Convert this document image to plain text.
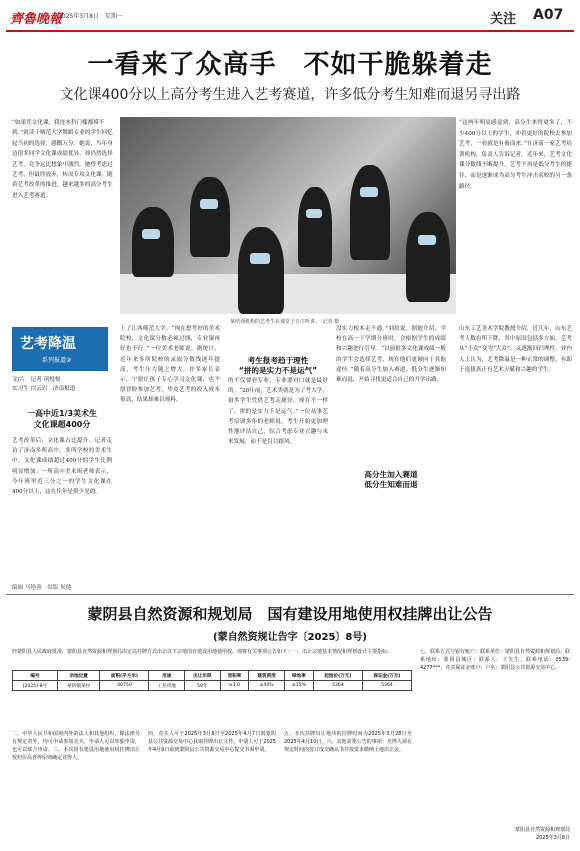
齊魯晚報
2025年3月8日　星期一	关注 A07
一看来了众高手　不如干脆躲着走
文化课400分以上高分考生进入艺考赛道，许多低分考生知难而退另寻出路
“如果凭文化课，我连本科门槛都摸不到。”就读于师范大学舞蹈专业的学生回忆起当初的选择，感慨万分。她说，当年身边很多同学文化课成绩优异，却仍然选择艺考，竞争远比想象中激烈。她曾考虑过艺考，但最终放弃，转而专攻文化课。随着艺考改革的推进，越来越多的高分考生进入艺考赛道。
某培训机构的艺考生在课堂上专注听讲。　记者 摄
“这两年明显感觉到，高分生来得更多了，不少400分以上的学生，冲着更好的院校去参加艺考，一看就是有备而来。”在济南一家艺考培训机构，负责人告诉记者。近年来，艺考文化课分数线不断提升，艺考不再是低分考生的捷径，而是逐渐成为高分考生冲击名校的另一条路径。
艺考降温
系列报道②
文/片　记者 巩悦悦
实习生 白云岩　济南报道
一高中近1/3美术生
文化课超400分
艺考改革后，文化课占比提升。记者走访了济南多所高中，多所学校的美术生中，文化课成绩超过400分的学生比例明显增加。一所高中美术班老师表示，今年班里近三分之一的学生文化课在400分以上，这在往年是很少见的。
上了江西师范大学。“现在想考好的美术院校，文化课分数必须过线，专业课再好也不行。”一位美术老师说。据统计，近年来多所院校的录取分数线逐年提高，考生压力随之增大。许多家长表示，宁愿让孩子专心学习文化课，也不愿冒险参加艺考，毕竟艺考的投入成本很高，结果却难以预料。
的不仅要看专业，专业要对口就是最好的。“20年前，艺术类就是为了考大学，很多学生凭借艺考走捷径。现在不一样了，拼的是实力不是运气。”一位从事艺考培训多年的老师说。考生开始更加理性地评估自己，综合考虑专业兴趣与未来发展，而不是盲目跟风。
考生报考趋于理性
“拼的是实力不是运气”
没实力根本走不通。”刘晨说。据她介绍，学校在高一下学期分班时，会根据学生的成绩和兴趣进行引导。“以前很多文化课成绩一般的学生会选择艺考，现在他们更倾向于其他途径。”随着高分生加入赛道，低分生逐渐知难而退，开始寻找更适合自己的升学出路。
高分生加入赛道
低分生知难而退
山东工艺美术学院教授介绍，近几年，山东艺考人数有所下降，其中原因包括多方面。艺考从“小众”变为“大众”，又逐渐回归理性。业内人士认为，艺考降温是一种正常的调整，有助于选拔真正有艺术天赋和兴趣的学生。
编辑 马艳蓉　组版 侯健
蒙阴县自然资源和规划局　国有建设用地使用权挂牌出让公告
(蒙自然资规让告字〔2025〕8号)
经蒙阴县人民政府批准，蒙阴县自然资源和规划局决定以挂牌方式出让以下宗地国有建设用地使用权。现将有关事项公告如下：一、出让宗地基本情况和规划设计主要指标：
编号	宗地位置	面积(平方米)	用途	出让年限	容积率	建筑密度	绿地率	起始价(万元)	保证金(万元)
[2025]-8号	蒙阴镇某村	40750	工业用地	50年	≥1.0	≥40%	≤15%	5364	5364
二、中华人民共和国境内外的法人和其他组织，除法律另有规定者外，均可申请参加竞买，申请人可以单独申请，也可以联合申请。三、本次国有建设用地使用权挂牌出让按照价高者得原则确定竞得人。
四、竞买人可于2025年3月8日至2025年4月7日到蒙阴县公共资源交易中心获取挂牌出让文件。申请人可于2025年4月9日前到蒙阴县公共资源交易中心提交书面申请。
五、本次挂牌出让地块的挂牌时间为2025年3月28日至2025年4月10日。六、其他需要公告的事项：竞得人须在规定时间内签订成交确认书并按要求缴纳土地出让金。
七、联系方式与银行账户：联系单位：蒙阴县自然资源和规划局；联系地址：蒙阴县城区；联系人：王先生；联系电话：0539-4277***。竞买保证金账户：户名：蒙阴县公共资源交易中心。
蒙阴县自然资源和规划局
2025年3月8日
